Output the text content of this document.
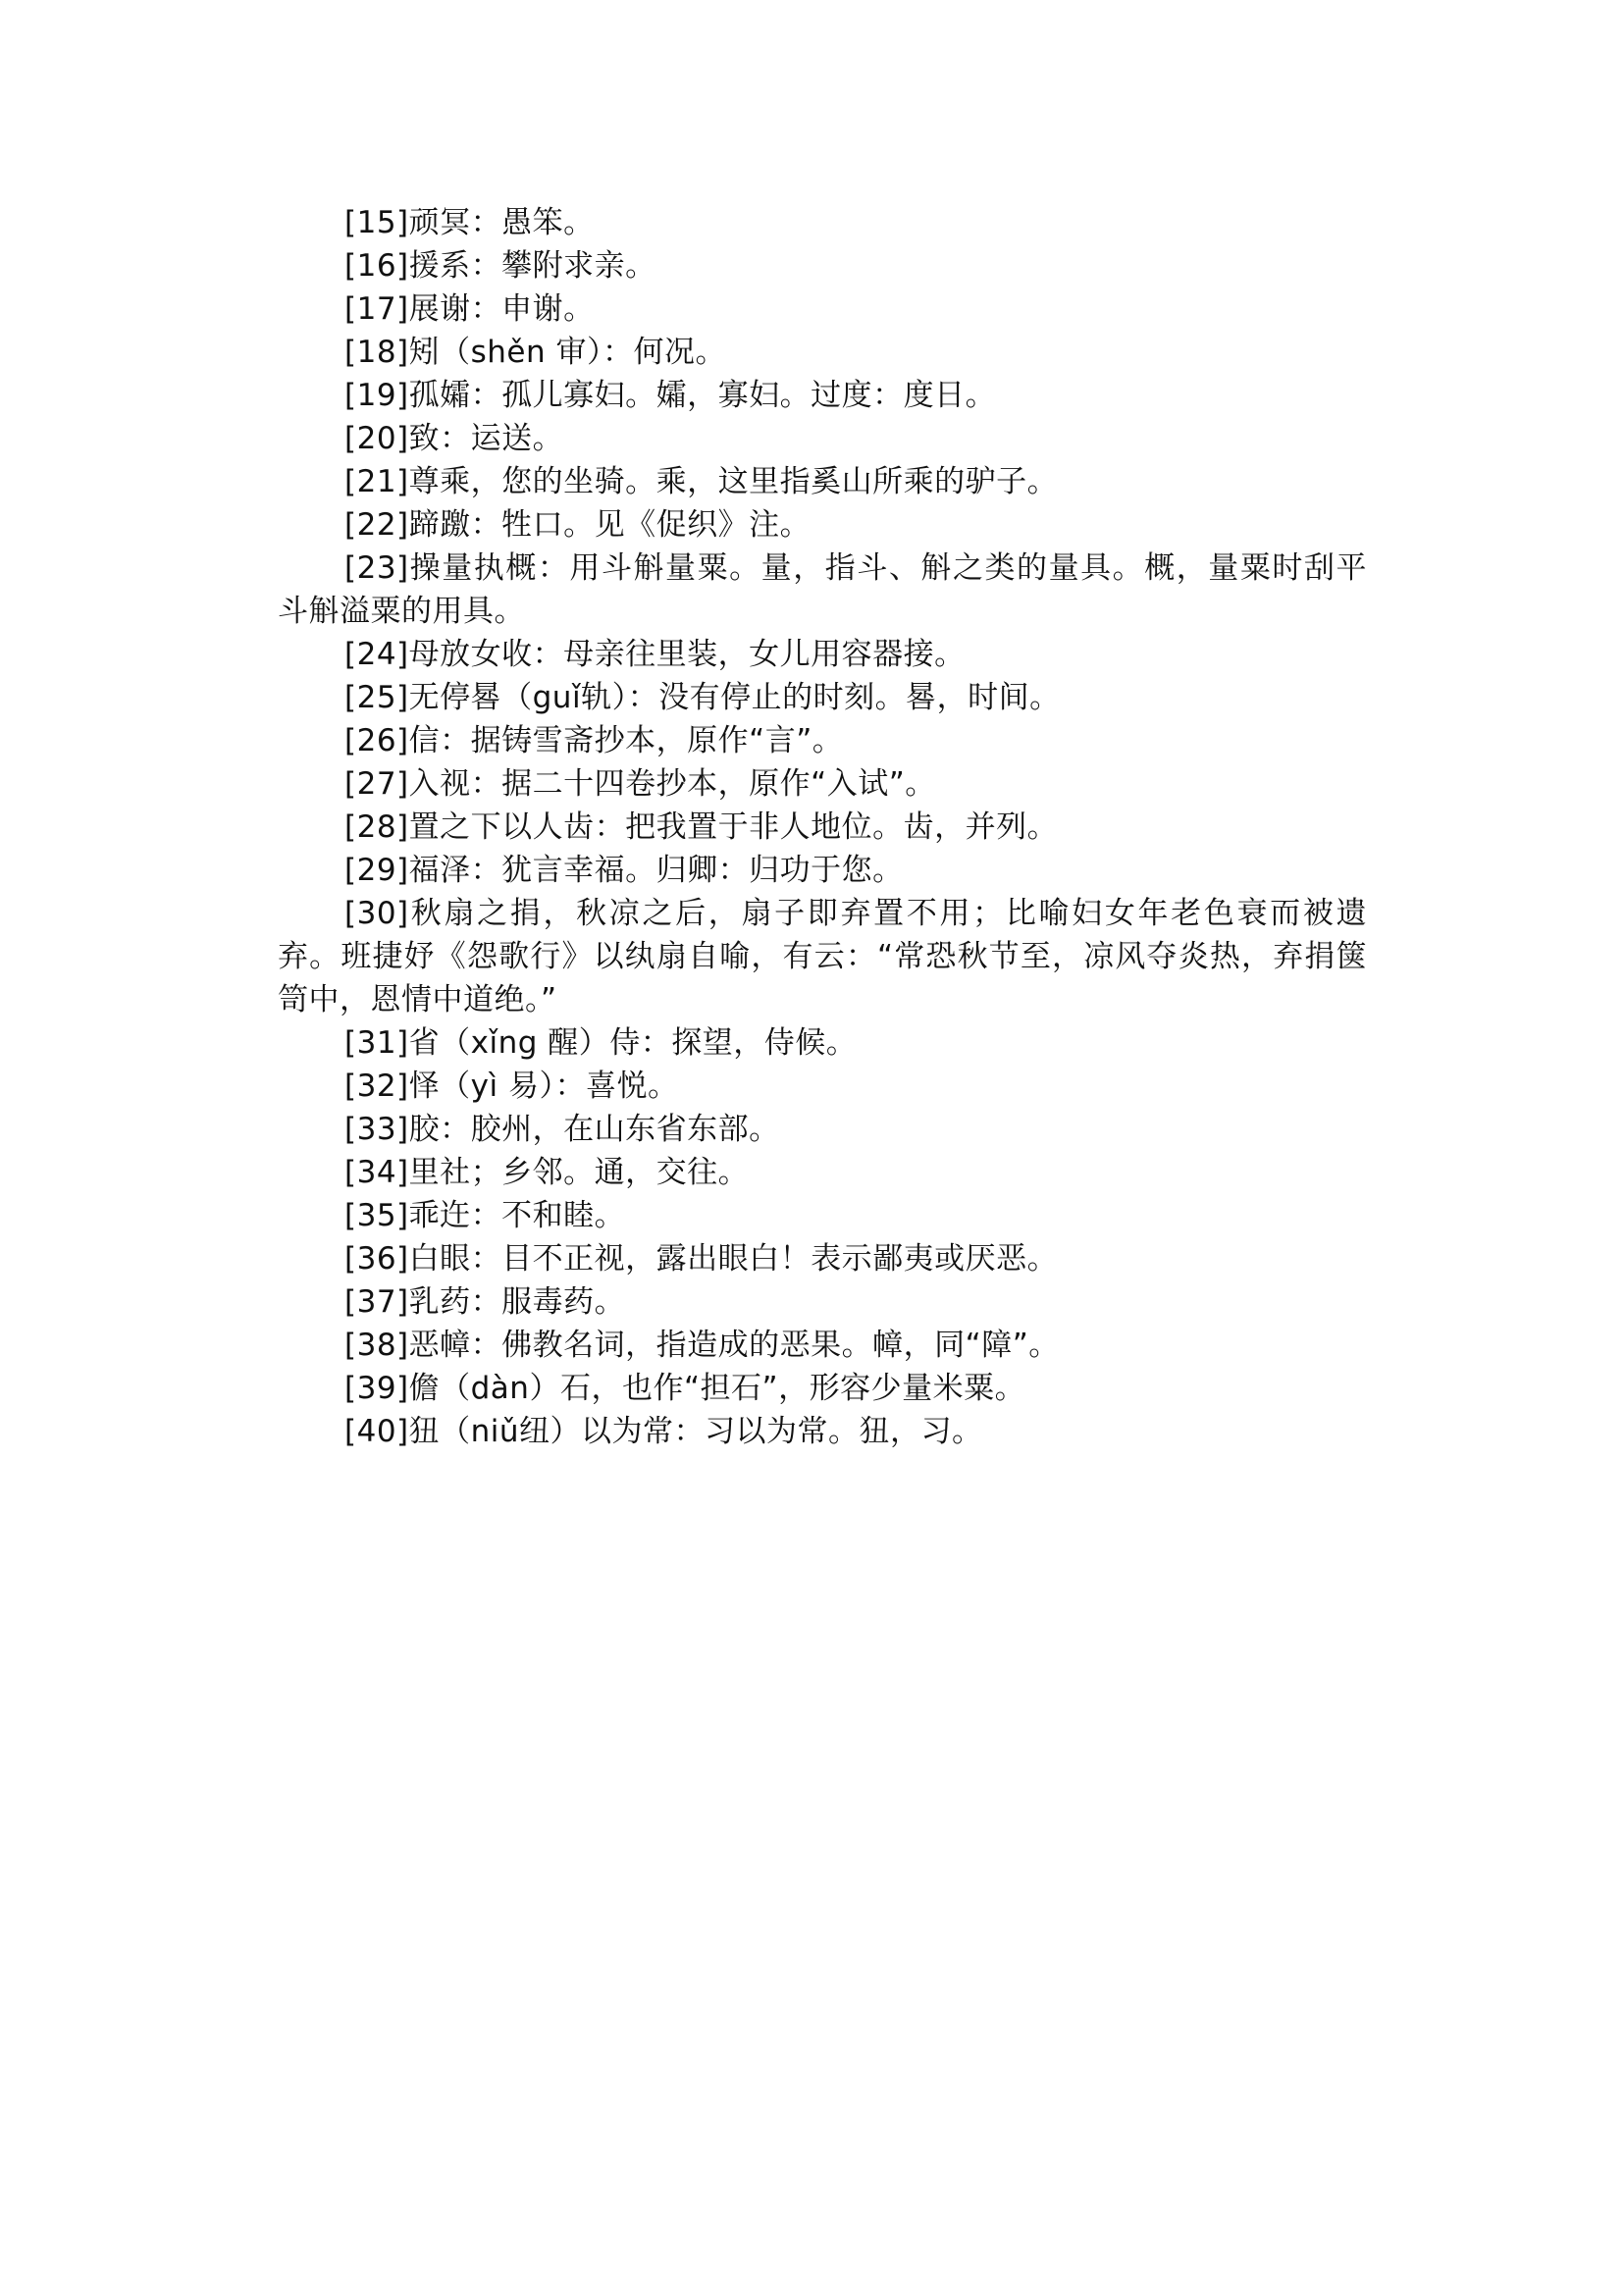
[15]顽冥：愚笨。

[16]援系：攀附求亲。

[17]展谢：申谢。

[18]矧（shěn 审）：何况。

[19]孤孀：孤儿寡妇。孀，寡妇。过度：度日。

[20]致：运送。

[21]尊乘，您的坐骑。乘，这里指奚山所乘的驴子。

[22]蹄躈：牲口。见《促织》注。

[23]操量执概：用斗斛量粟。量，指斗、斛之类的量具。概，量粟时刮平斗斛溢粟的用具。

[24]母放女收：母亲往里装，女儿用容器接。

[25]无停晷（guǐ轨）：没有停止的时刻。晷，时间。

[26]信：据铸雪斋抄本，原作“言”。

[27]入视：据二十四卷抄本，原作“入试”。

[28]置之下以人齿：把我置于非人地位。齿，并列。

[29]福泽：犹言幸福。归卿：归功于您。

[30]秋扇之捐，秋凉之后，扇子即弃置不用；比喻妇女年老色衰而被遗弃。班捷妤《怨歌行》以纨扇自喻，有云：“常恐秋节至，凉风夺炎热，弃捐箧笥中，恩情中道绝。”

[31]省（xǐng 醒）侍：探望，侍候。

[32]怿（yì 易）：喜悦。

[33]胶：胶州，在山东省东部。

[34]里社；乡邻。通，交往。

[35]乖迕：不和睦。

[36]白眼：目不正视，露出眼白！表示鄙夷或厌恶。

[37]乳药：服毒药。

[38]恶幛：佛教名词，指造成的恶果。幛，同“障”。

[39]儋（dàn）石，也作“担石”，形容少量米粟。

[40]狃（niǔ纽）以为常：习以为常。狃，习。
